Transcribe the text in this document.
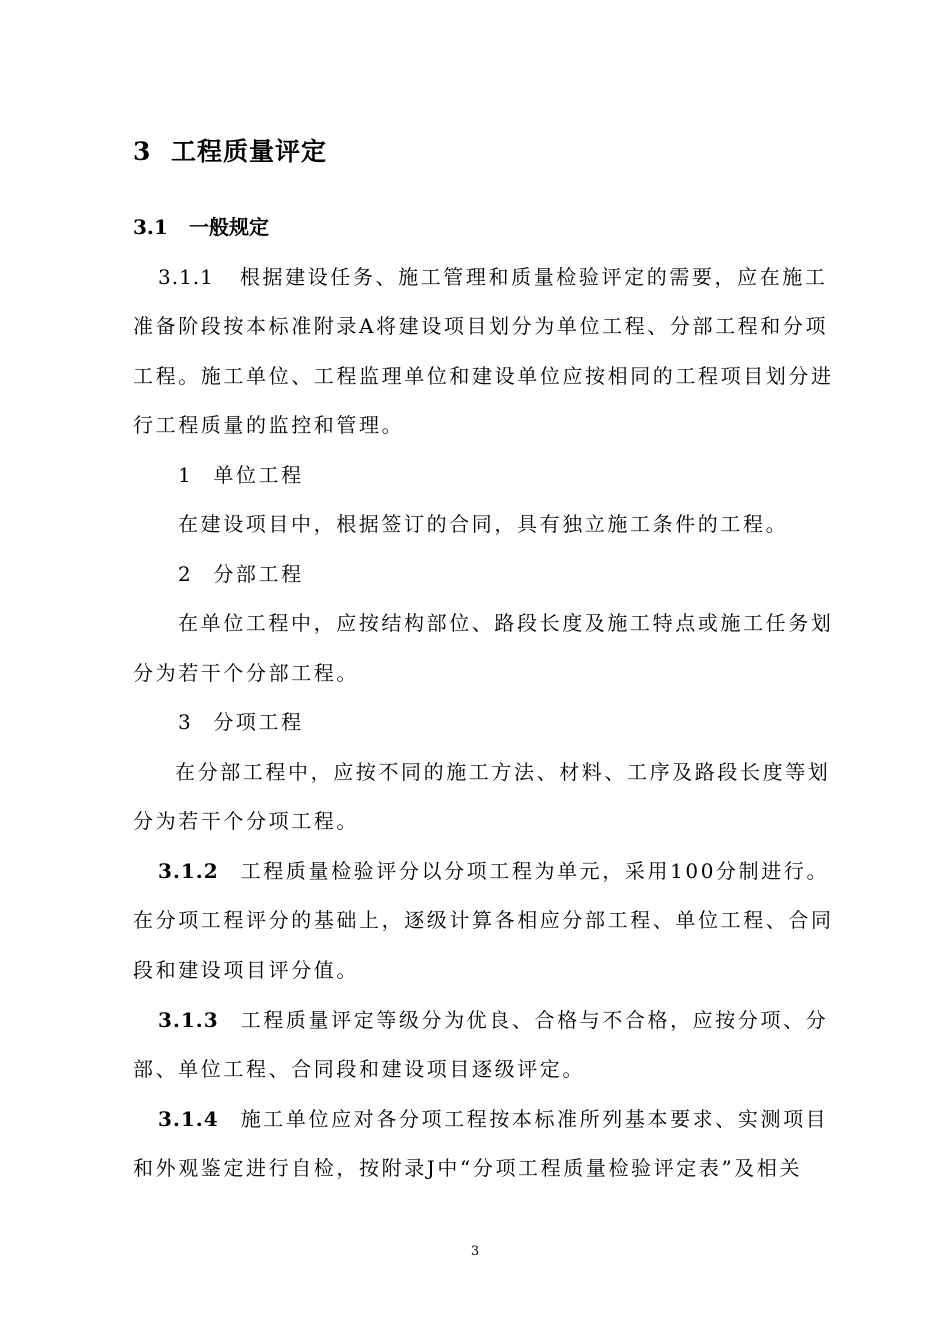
3 工程质量评定
3.1 一般规定
3.1.1 根据建设任务、施工管理和质量检验评定的需要，应在施工
准备阶段按本标准附录A将建设项目划分为单位工程、分部工程和分项
工程。施工单位、工程监理单位和建设单位应按相同的工程项目划分进
行工程质量的监控和管理。
1 单位工程
在建设项目中，根据签订的合同，具有独立施工条件的工程。
2 分部工程
在单位工程中，应按结构部位、路段长度及施工特点或施工任务划
分为若干个分部工程。
3 分项工程
在分部工程中，应按不同的施工方法、材料、工序及路段长度等划
分为若干个分项工程。
3.1.2 工程质量检验评分以分项工程为单元，采用100分制进行。
在分项工程评分的基础上，逐级计算各相应分部工程、单位工程、合同
段和建设项目评分值。
3.1.3 工程质量评定等级分为优良、合格与不合格，应按分项、分
部、单位工程、合同段和建设项目逐级评定。
3.1.4 施工单位应对各分项工程按本标准所列基本要求、实测项目
和外观鉴定进行自检，按附录J中“分项工程质量检验评定表”及相关
3
